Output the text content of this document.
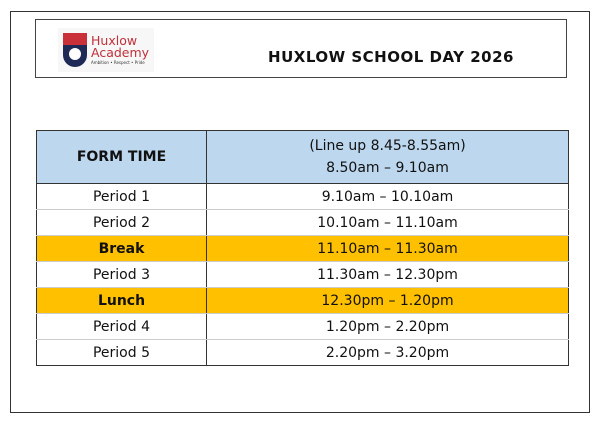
Huxlow
Academy
Ambition • Respect • Pride	HUXLOW SCHOOL DAY 2026
FORM TIME	(Line up 8.45-8.55am)
8.50am – 9.10am

Period 1	9.10am – 10.10am
Period 2	10.10am – 11.10am
Break	11.10am – 11.30am
Period 3	11.30am – 12.30pm
Lunch	12.30pm – 1.20pm
Period 4	1.20pm – 2.20pm
Period 5	2.20pm – 3.20pm
